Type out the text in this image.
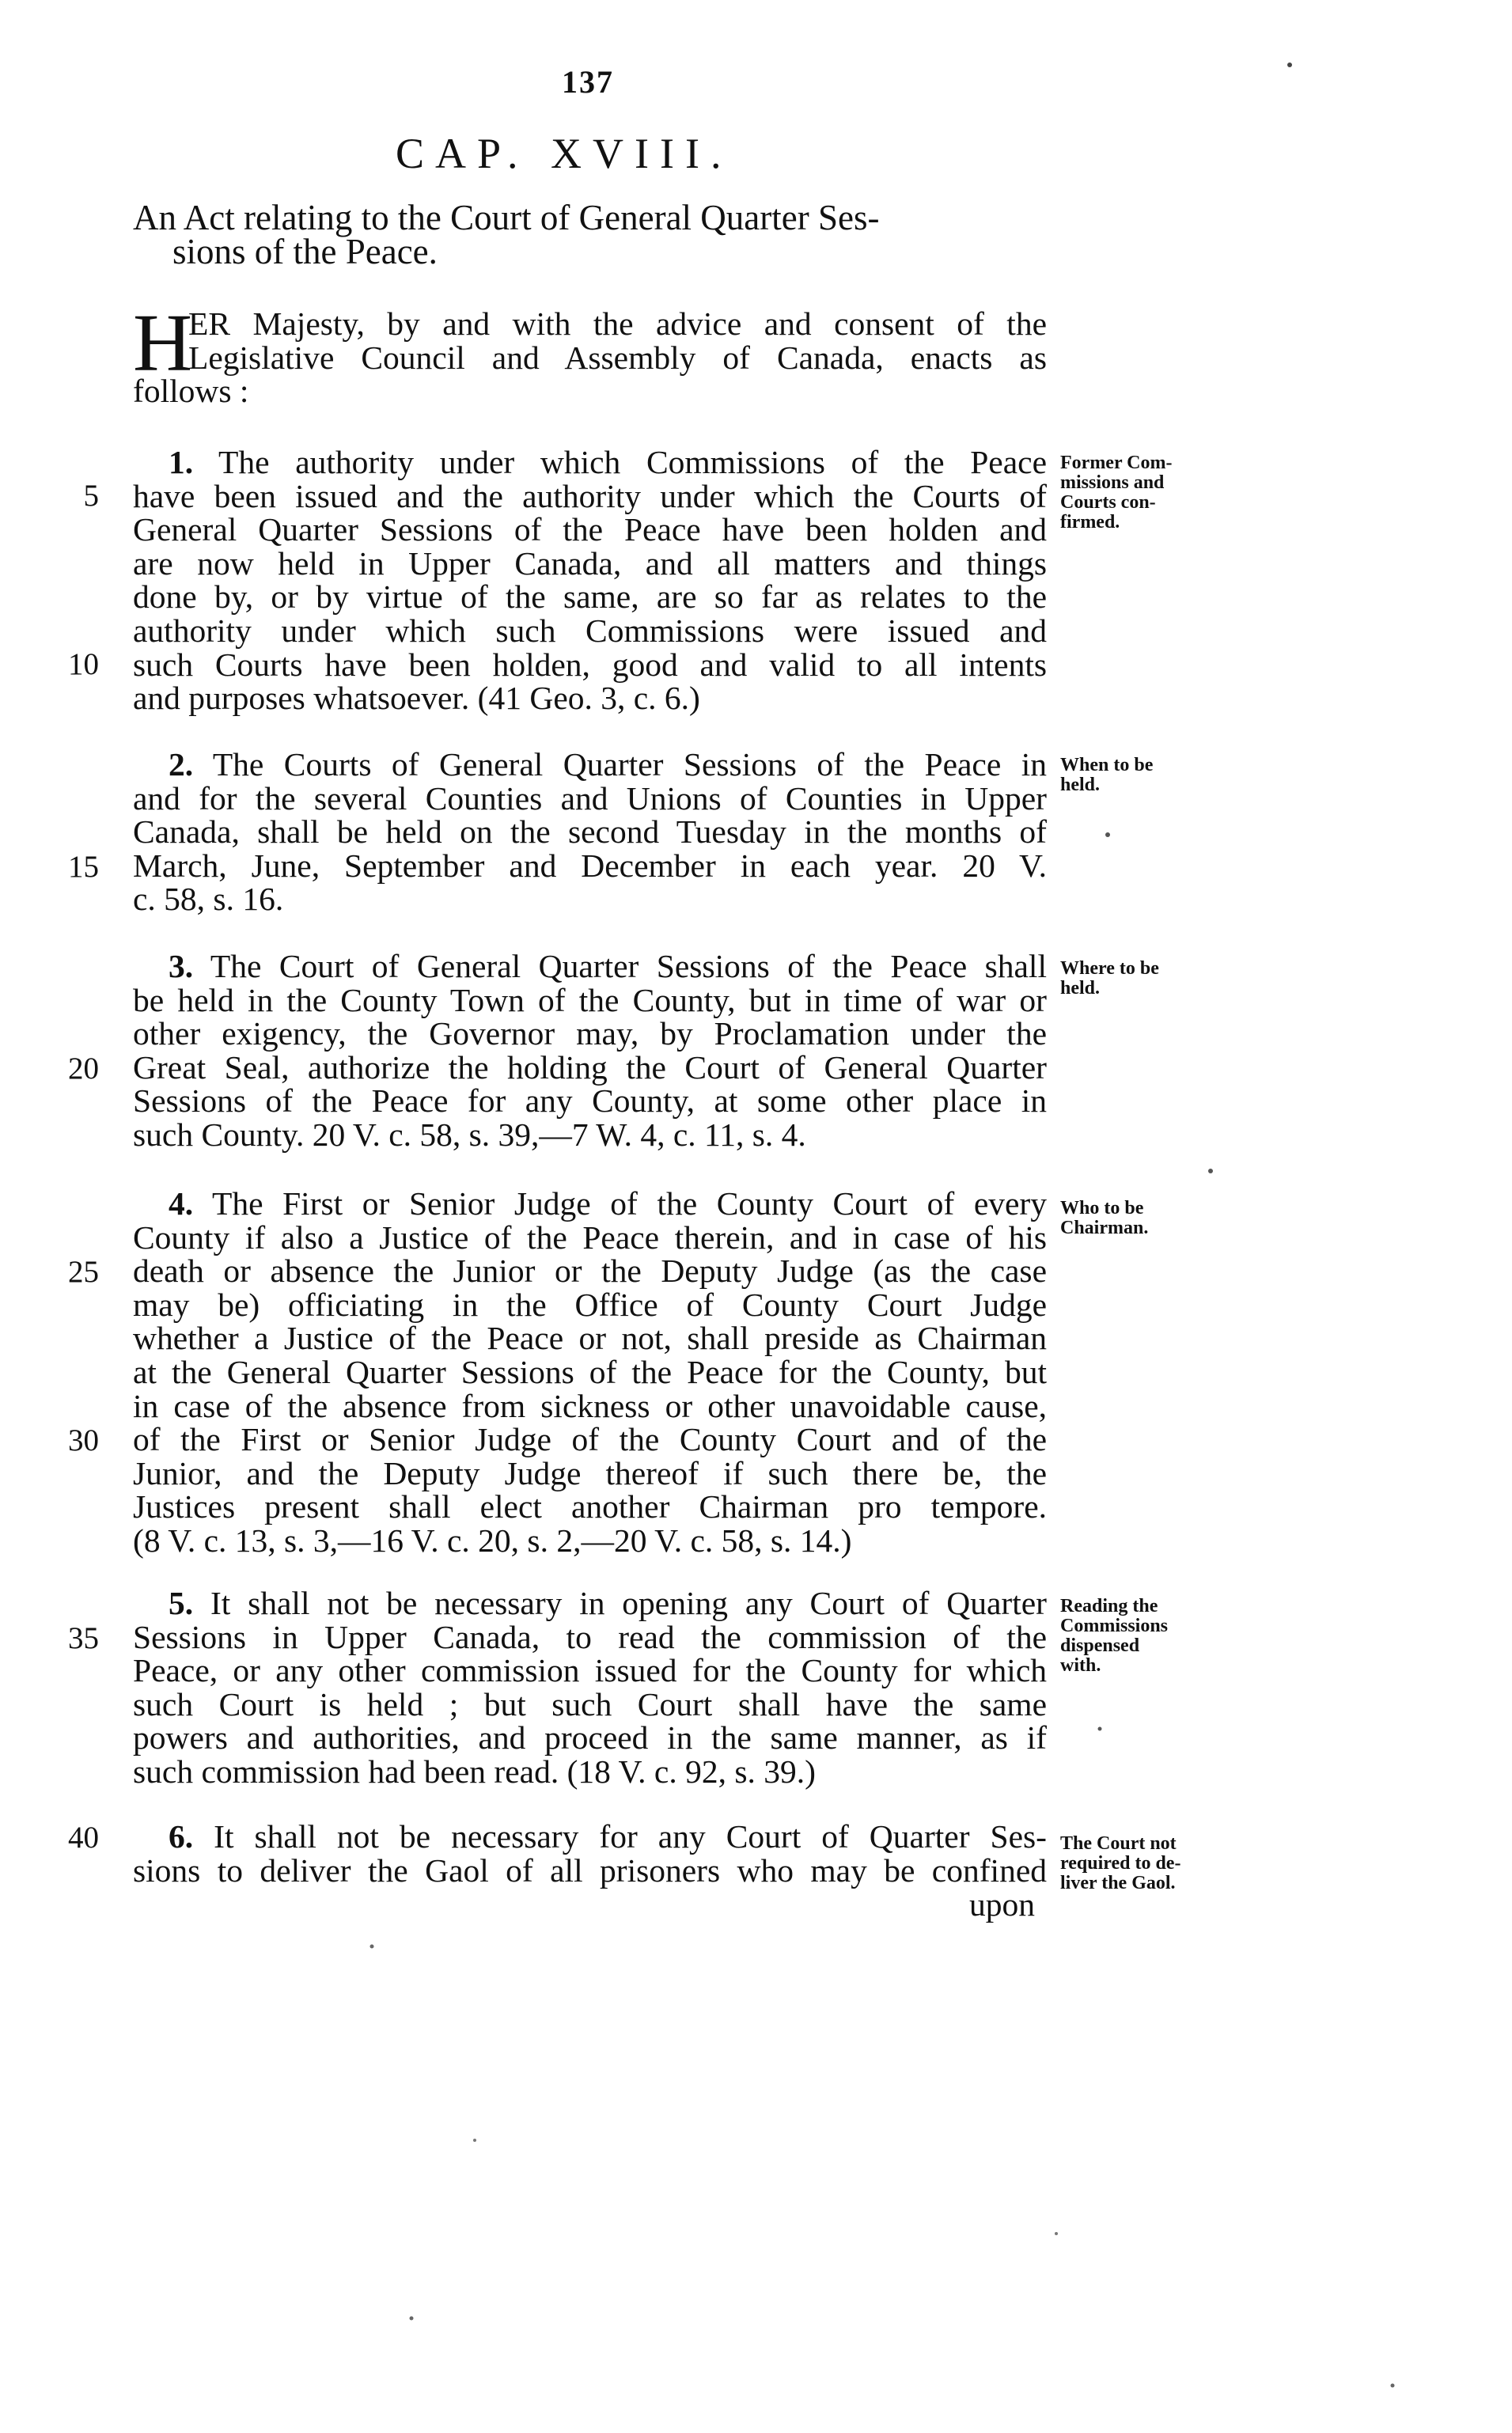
137
CAP. XVIII.
An Act relating to the Court of General Quarter Ses-
sions of the Peace.
H
ER Majesty, by and with the advice and consent of the
Legislative Council and Assembly of Canada, enacts as
follows :
1. The authority under which Commissions of the Peace
have been issued and the authority under which the Courts of
General Quarter Sessions of the Peace have been holden and
are now held in Upper Canada, and all matters and things
done by, or by virtue of the same, are so far as relates to the
authority under which such Commissions were issued and
such Courts have been holden, good and valid to all intents
and purposes whatsoever. (41 Geo. 3, c. 6.)
Former Com-
missions and
Courts con-
firmed.
2. The Courts of General Quarter Sessions of the Peace in
and for the several Counties and Unions of Counties in Upper
Canada, shall be held on the second Tuesday in the months of
March, June, September and December in each year. 20 V.
c. 58, s. 16.
When to be
held.
3. The Court of General Quarter Sessions of the Peace shall
be held in the County Town of the County, but in time of war or
other exigency, the Governor may, by Proclamation under the
Great Seal, authorize the holding the Court of General Quarter
Sessions of the Peace for any County, at some other place in
such County. 20 V. c. 58, s. 39,—7 W. 4, c. 11, s. 4.
Where to be
held.
4. The First or Senior Judge of the County Court of every
County if also a Justice of the Peace therein, and in case of his
death or absence the Junior or the Deputy Judge (as the case
may be) officiating in the Office of County Court Judge
whether a Justice of the Peace or not, shall preside as Chairman
at the General Quarter Sessions of the Peace for the County, but
in case of the absence from sickness or other unavoidable cause,
of the First or Senior Judge of the County Court and of the
Junior, and the Deputy Judge thereof if such there be, the
Justices present shall elect another Chairman pro tempore.
(8 V. c. 13, s. 3,—16 V. c. 20, s. 2,—20 V. c. 58, s. 14.)
Who to be
Chairman.
5. It shall not be necessary in opening any Court of Quarter
Sessions in Upper Canada, to read the commission of the
Peace, or any other commission issued for the County for which
such Court is held ; but such Court shall have the same
powers and authorities, and proceed in the same manner, as if
such commission had been read. (18 V. c. 92, s. 39.)
Reading the
Commissions
dispensed
with.
6. It shall not be necessary for any Court of Quarter Ses-
sions to deliver the Gaol of all prisoners who may be confined
The Court not
required to de-
liver the Gaol.
upon
5
10
15
20
25
30
35
40
